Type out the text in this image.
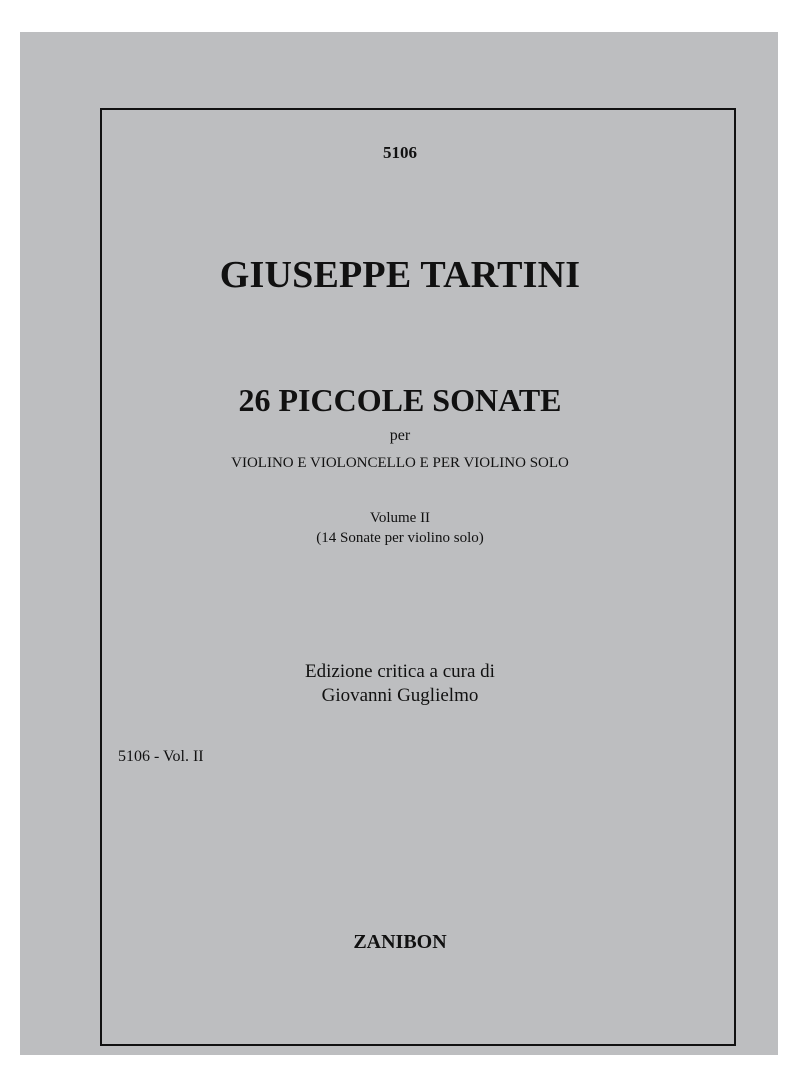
5106
GIUSEPPE TARTINI
26 PICCOLE SONATE
per
VIOLINO E VIOLONCELLO E PER VIOLINO SOLO
Volume II
(14 Sonate per violino solo)
Edizione critica a cura di
Giovanni Guglielmo
5106 - Vol. II
ZANIBON
